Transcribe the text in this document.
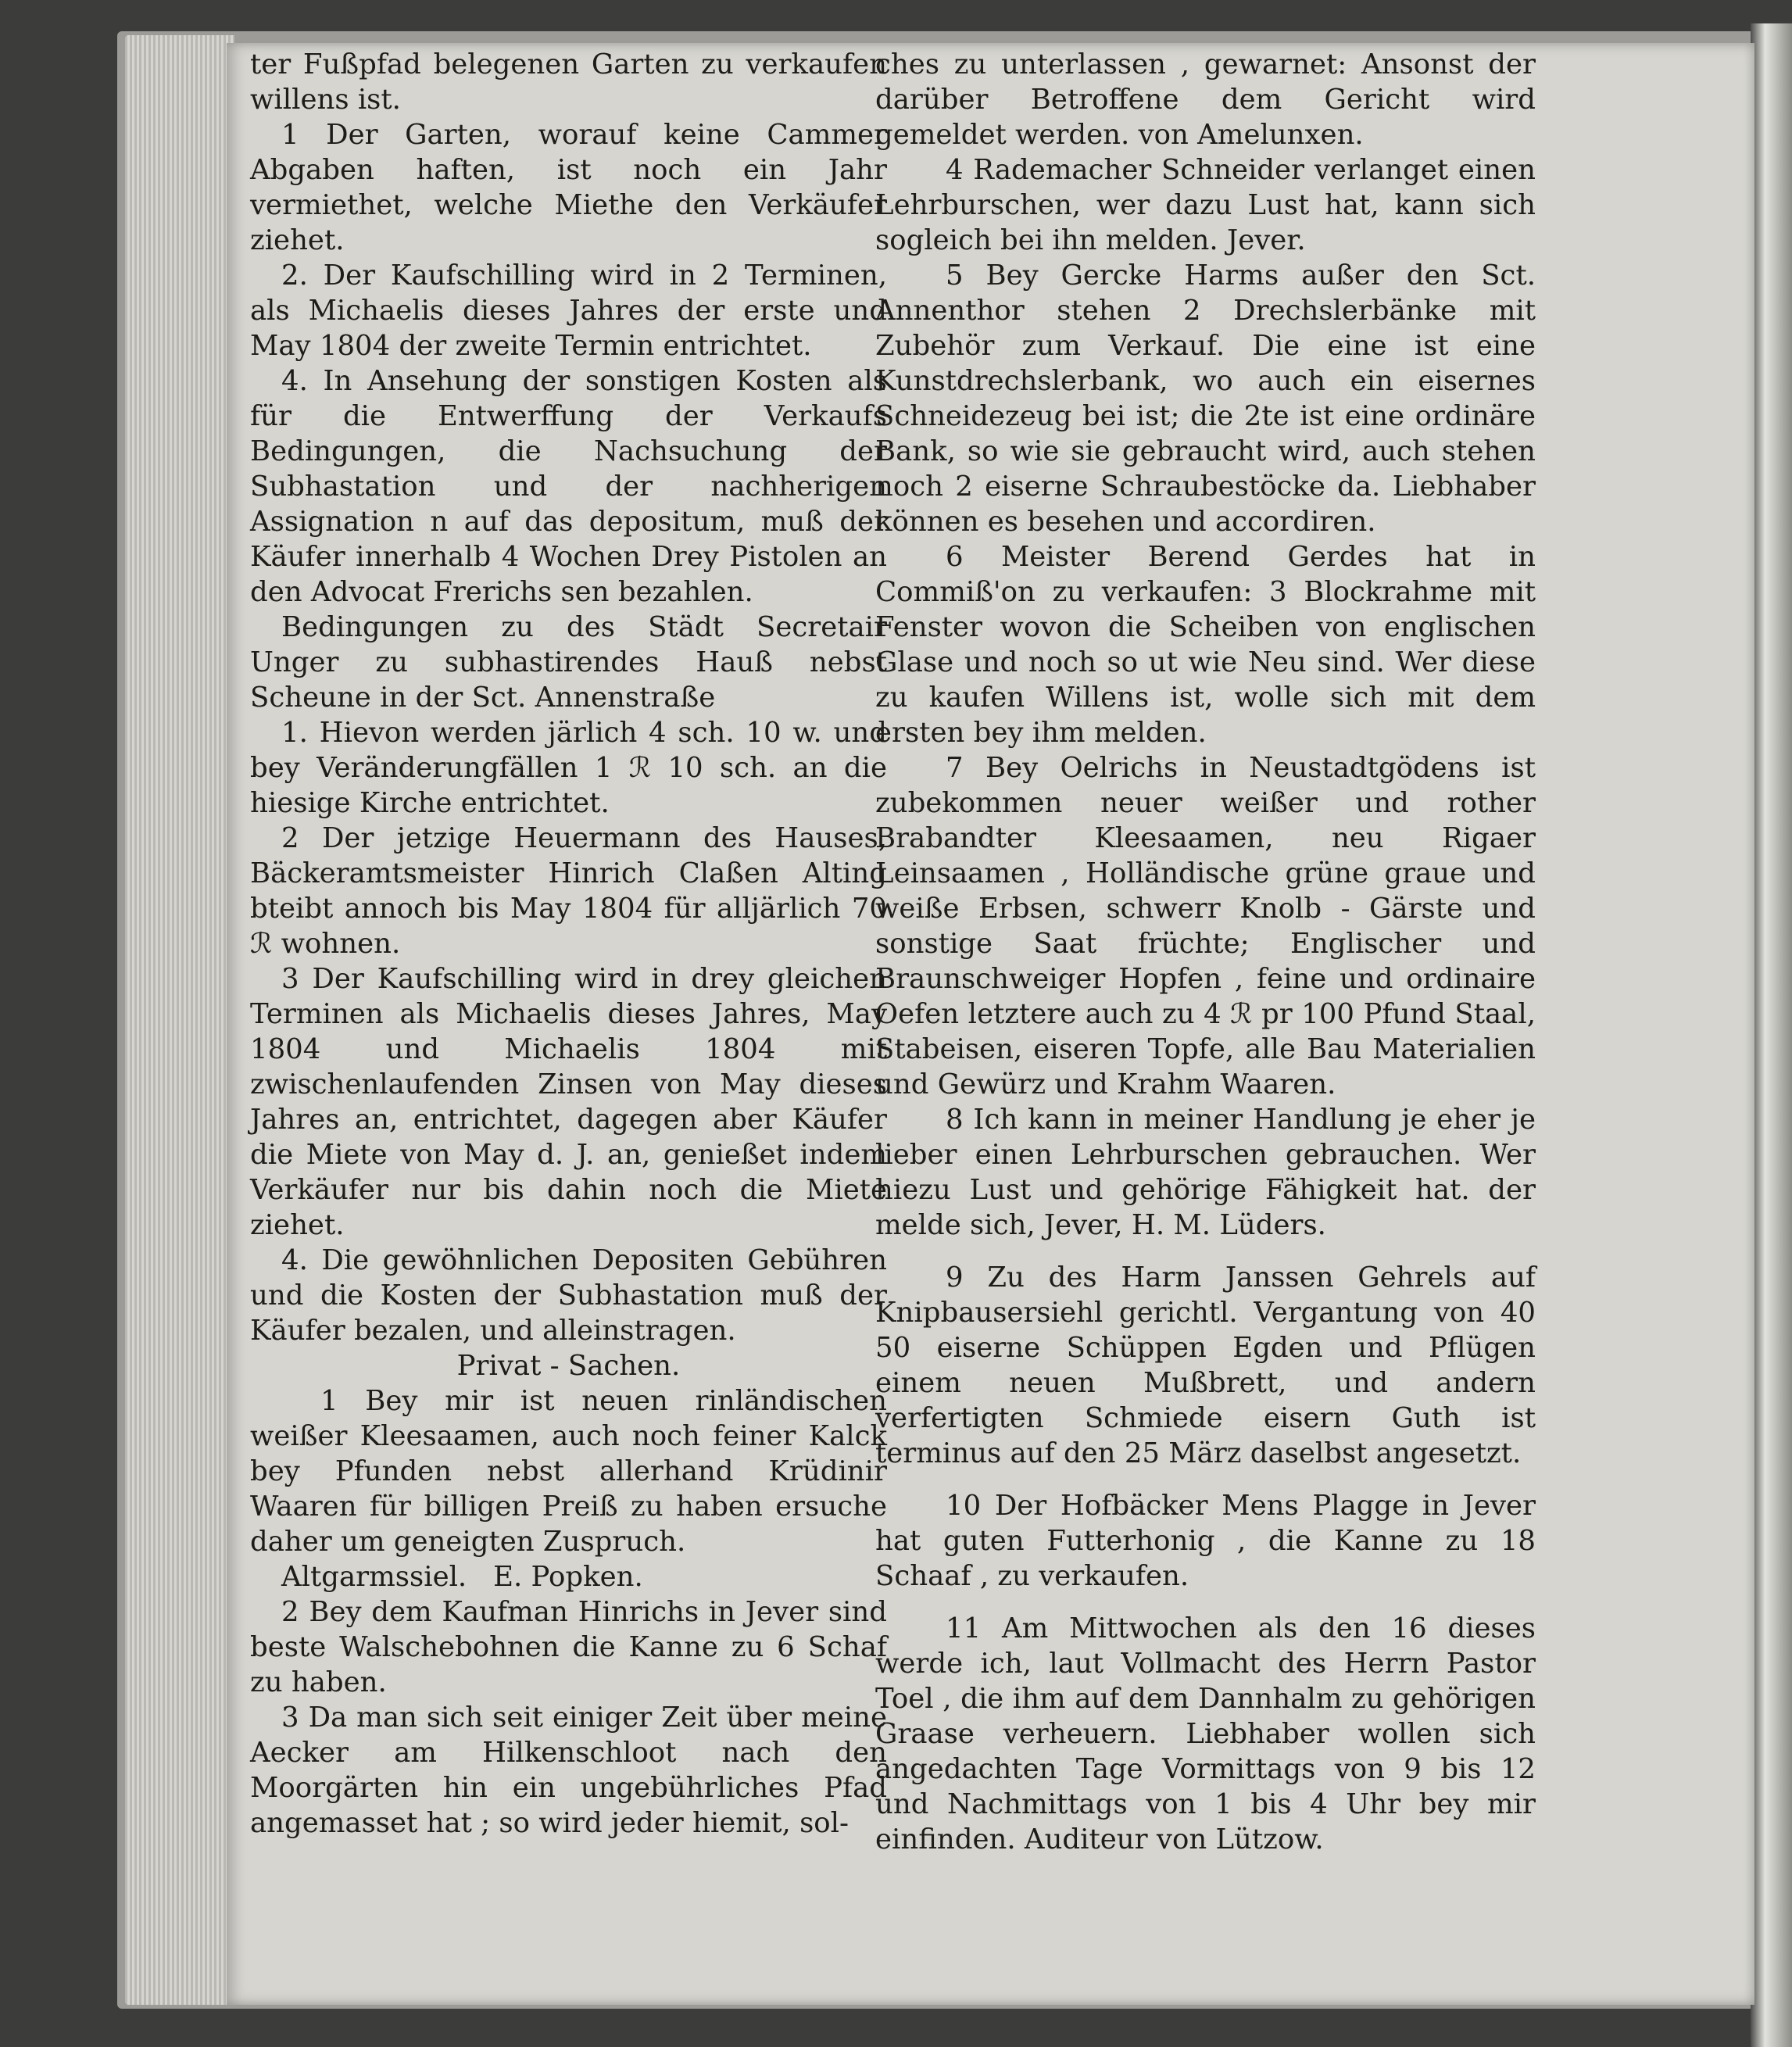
ter Fußpfad belegenen Garten zu verkaufen willens ist.

1 Der Garten, worauf keine Cammer Abgaben haften, ist noch ein Jahr vermiethet, welche Miethe den Verkäufer ziehet.

2. Der Kaufschilling wird in 2 Terminen, als Michaelis dieses Jahres der erste und May 1804 der zweite Termin entrichtet.

4. In Ansehung der sonstigen Kosten als für die Entwerffung der Verkaufs Bedingungen, die Nachsuchung der Subhastation und der nachherigen Assignation n auf das depositum, muß der Käufer innerhalb 4 Wochen Drey Pistolen an den Advocat Frerichs sen bezahlen.

Bedingungen zu des Städt Secretair Unger zu subhastirendes Hauß nebst Scheune in der Sct. Annenstraße

1. Hievon werden järlich 4 sch. 10 w. und bey Veränderungfällen 1 ℛ 10 sch. an die hiesige Kirche entrichtet.

2 Der jetzige Heuermann des Hauses, Bäckeramtsmeister Hinrich Claßen Alting bteibt annoch bis May 1804 für alljärlich 70 ℛ wohnen.

3 Der Kaufschilling wird in drey gleichen Terminen als Michaelis dieses Jahres, May 1804 und Michaelis 1804 mit zwischenlaufenden Zinsen von May dieses Jahres an, entrichtet, dagegen aber Käufer die Miete von May d. J. an, genießet indem Verkäufer nur bis dahin noch die Miete ziehet.

4. Die gewöhnlichen Depositen Gebühren und die Kosten der Subhastation muß der Käufer bezalen, und alleinstragen.

Privat - Sachen.

1 Bey mir ist neuen rinländischen weißer Kleesaamen, auch noch feiner Kalck bey Pfunden nebst allerhand Krüdinir Waaren für billigen Preiß zu haben ersuche daher um geneigten Zuspruch.

Altgarmssiel.   E. Popken.

2 Bey dem Kaufman Hinrichs in Jever sind beste Walschebohnen die Kanne zu 6 Schaf zu haben.

3 Da man sich seit einiger Zeit über meine Aecker am Hilkenschloot nach den Moorgärten hin ein ungebührliches Pfad angemasset hat ; so wird jeder hiemit, sol-

ches zu unterlassen , gewarnet: Ansonst der darüber Betroffene dem Gericht wird gemeldet werden. von Amelunxen.

4 Rademacher Schneider verlanget einen Lehrburschen, wer dazu Lust hat, kann sich sogleich bei ihn melden. Jever.

5 Bey Gercke Harms außer den Sct. Annenthor stehen 2 Drechslerbänke mit Zubehör zum Verkauf. Die eine ist eine Kunstdrechslerbank, wo auch ein eisernes Schneidezeug bei ist; die 2te ist eine ordinäre Bank, so wie sie gebraucht wird, auch stehen noch 2 eiserne Schraubestöcke da. Liebhaber können es besehen und accordiren.

6 Meister Berend Gerdes hat in Commiß'on zu verkaufen: 3 Blockrahme mit Fenster wovon die Scheiben von englischen Glase und noch so ut wie Neu sind. Wer diese zu kaufen Willens ist, wolle sich mit dem ersten bey ihm melden.

7 Bey Oelrichs in Neustadtgödens ist zubekommen neuer weißer und rother Brabandter Kleesaamen, neu Rigaer Leinsaamen , Holländische grüne graue und weiße Erbsen, schwerr Knolb - Gärste und sonstige Saat früchte; Englischer und Braunschweiger Hopfen , feine und ordinaire Oefen letztere auch zu 4 ℛ pr 100 Pfund Staal, Stabeisen, eiseren Topfe, alle Bau Materialien und Gewürz und Krahm Waaren.

8 Ich kann in meiner Handlung je eher je lieber einen Lehrburschen gebrauchen. Wer hiezu Lust und gehörige Fähigkeit hat. der melde sich, Jever, H. M. Lüders.

9 Zu des Harm Janssen Gehrels auf Knipbausersiehl gerichtl. Vergantung von 40 50 eiserne Schüppen Egden und Pflügen einem neuen Mußbrett, und andern verfertigten Schmiede eisern Guth ist terminus auf den 25 März daselbst angesetzt.

10 Der Hofbäcker Mens Plagge in Jever hat guten Futterhonig , die Kanne zu 18 Schaaf , zu verkaufen.

11 Am Mittwochen als den 16 dieses werde ich, laut Vollmacht des Herrn Pastor Toel , die ihm auf dem Dannhalm zu gehörigen Graase verheuern. Liebhaber wollen sich angedachten Tage Vormittags von 9 bis 12 und Nachmittags von 1 bis 4 Uhr bey mir einfinden. Auditeur von Lützow.
